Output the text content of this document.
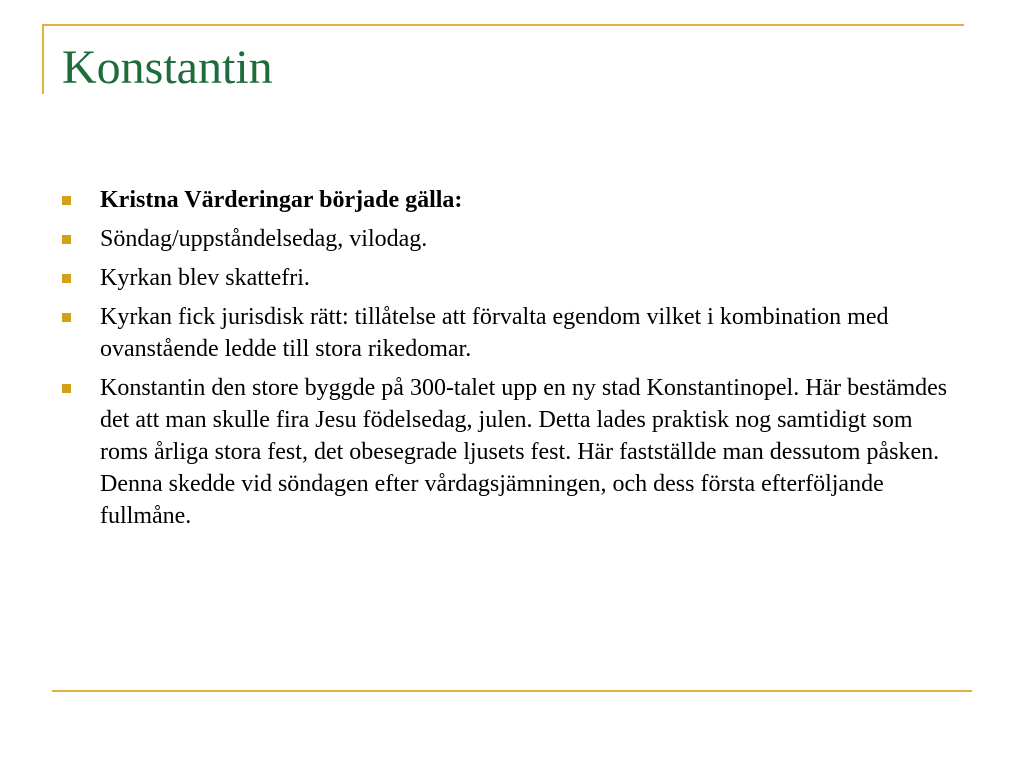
Konstantin
Kristna Värderingar började gälla:
Söndag/uppståndelsedag, vilodag.
Kyrkan blev skattefri.
Kyrkan fick jurisdisk rätt: tillåtelse att förvalta egendom vilket i kombination med ovanstående ledde till stora rikedomar.
Konstantin den store byggde på 300-talet upp en ny stad Konstantinopel. Här bestämdes det att man skulle fira Jesu födelsedag, julen. Detta lades praktisk nog samtidigt som roms årliga stora fest, det obesegrade ljusets fest. Här fastställde man dessutom påsken. Denna skedde vid söndagen efter vårdagsjämningen, och dess första efterföljande fullmåne.
